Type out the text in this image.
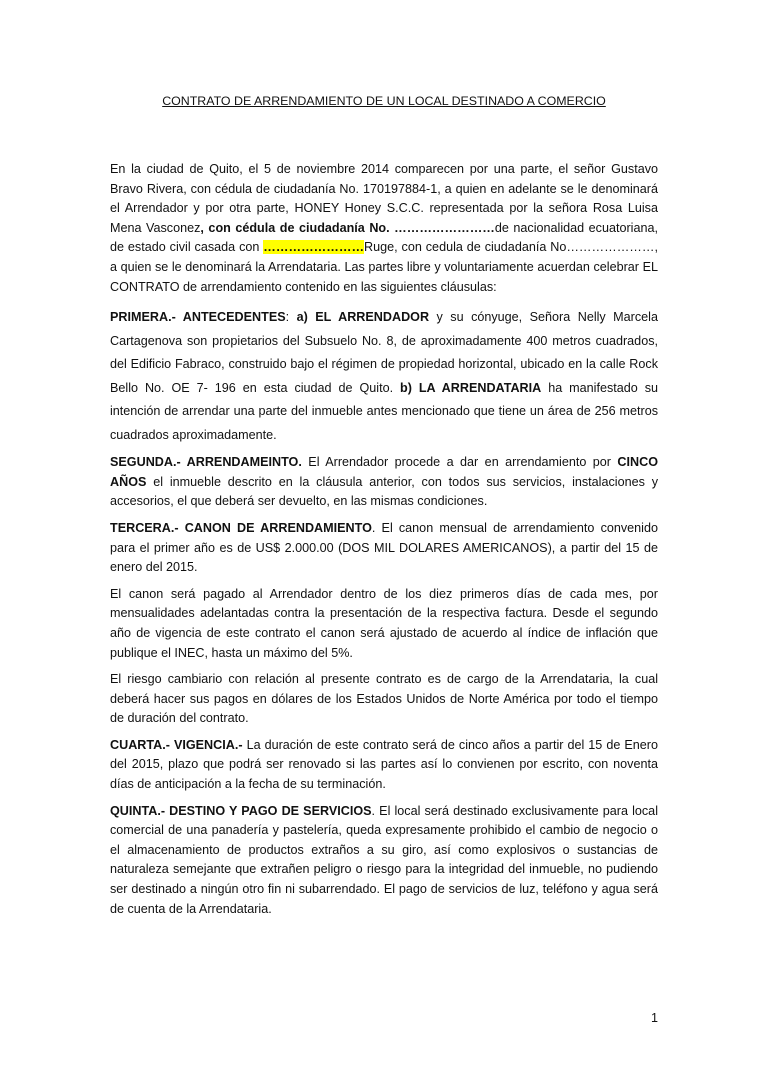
CONTRATO DE ARRENDAMIENTO DE UN LOCAL DESTINADO A COMERCIO

En la ciudad de Quito, el 5 de noviembre 2014 comparecen por una parte, el señor Gustavo Bravo Rivera, con cédula de ciudadanía No. 170197884-1, a quien en adelante se le denominará el Arrendador y por otra parte, HONEY Honey S.C.C. representada por la señora Rosa Luisa Mena Vasconez, con cédula de ciudadanía No. ……………………de nacionalidad ecuatoriana, de estado civil casada con ……………………Ruge, con cedula de ciudadanía No…………………, a quien se le denominará la Arrendataria. Las partes libre y voluntariamente acuerdan celebrar EL CONTRATO de arrendamiento contenido en las siguientes cláusulas:

PRIMERA.- ANTECEDENTES: a) EL ARRENDADOR y su cónyuge, Señora Nelly Marcela Cartagenova son propietarios del Subsuelo No. 8, de aproximadamente 400 metros cuadrados, del Edificio Fabraco, construido bajo el régimen de propiedad horizontal, ubicado en la calle Rock Bello No. OE 7- 196 en esta ciudad de Quito. b) LA ARRENDATARIA ha manifestado su intención de arrendar una parte del inmueble antes mencionado que tiene un área de 256 metros cuadrados aproximadamente.

SEGUNDA.- ARRENDAMEINTO. El Arrendador procede a dar en arrendamiento por CINCO AÑOS el inmueble descrito en la cláusula anterior, con todos sus servicios, instalaciones y accesorios, el que deberá ser devuelto, en las mismas condiciones.

TERCERA.- CANON DE ARRENDAMIENTO. El canon mensual de arrendamiento convenido para el primer año es de US$ 2.000.00 (DOS MIL DOLARES AMERICANOS), a partir del 15 de enero del 2015.

El canon será pagado al Arrendador dentro de los diez primeros días de cada mes, por mensualidades adelantadas contra la presentación de la respectiva factura. Desde el segundo año de vigencia de este contrato el canon será ajustado de acuerdo al índice de inflación que publique el INEC, hasta un máximo del 5%.

El riesgo cambiario con relación al presente contrato es de cargo de la Arrendataria, la cual deberá hacer sus pagos en dólares de los Estados Unidos de Norte América por todo el tiempo de duración del contrato.

CUARTA.- VIGENCIA.- La duración de este contrato será de cinco años a partir del 15 de Enero del 2015, plazo que podrá ser renovado si las partes así lo convienen por escrito, con noventa días de anticipación a la fecha de su terminación.

QUINTA.- DESTINO Y PAGO DE SERVICIOS. El local será destinado exclusivamente para local comercial de una panadería y pastelería, queda expresamente prohibido el cambio de negocio o el almacenamiento de productos extraños a su giro, así como explosivos o sustancias de naturaleza semejante que extrañen peligro o riesgo para la integridad del inmueble, no pudiendo ser destinado a ningún otro fin ni subarrendado. El pago de servicios de luz, teléfono y agua será de cuenta de la Arrendataria.

1
